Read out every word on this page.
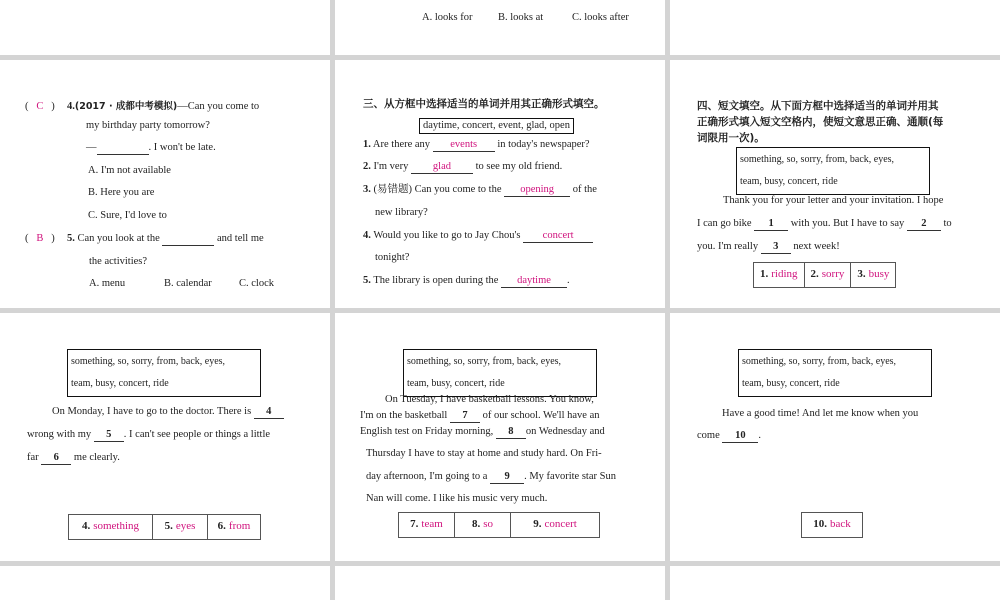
A. looks for B. looks at	C. looks after
(   C   ) 4.(2017 · 成都中考模拟)—Can you come to
my birthday party tomorrow?
—	. I won't be late.
A. I'm not available
B. Here you are
C. Sure, I'd love to
(   B   ) 5. Can you look at the	and tell me
the activities?
A. menu	B. calendar	C. clock
三、从方框中选择适当的单词并用其正确形式填空。
daytime, concert, event, glad, open
1. Are there any events in today's newspaper?
2. I'm very glad to see my old friend.
3. (易错题) Can you come to the opening of the
new library?
4. Would you like to go to Jay Chou's concert
tonight?
5. The library is open during the daytime .
四、短文填空。从下面方框中选择适当的单词并用其
正确形式填入短文空格内，使短文意思正确、通顺(每
词限用一次)。
something, so, sorry, from, back, eyes,
team, busy, concert, ride
Thank you for your letter and your invitation. I hope
I can go bike 1 with you. But I have to say 2 to
you. I'm really 3 next week!
1. riding 2. sorry 3. busy
something, so, sorry, from, back, eyes,
team, busy, concert, ride
On Monday, I have to go to the doctor. There is 4
wrong with my 5 . I can't see people or things a little
far 6 me clearly.
4. something 5. eyes 6. from
something, so, sorry, from, back, eyes,
team, busy, concert, ride
On Tuesday, I have basketball lessons. You know,
I'm on the basketball 7 of our school. We'll have an
English test on Friday morning, 8 on Wednesday and
Thursday I have to stay at home and study hard. On Fri-
day afternoon, I'm going to a 9 . My favorite star Sun
Nan will come. I like his music very much.
7. team	8. so	9. concert
something, so, sorry, from, back, eyes,
team, busy, concert, ride
Have a good time! And let me know when you
come 10 .
10. back
